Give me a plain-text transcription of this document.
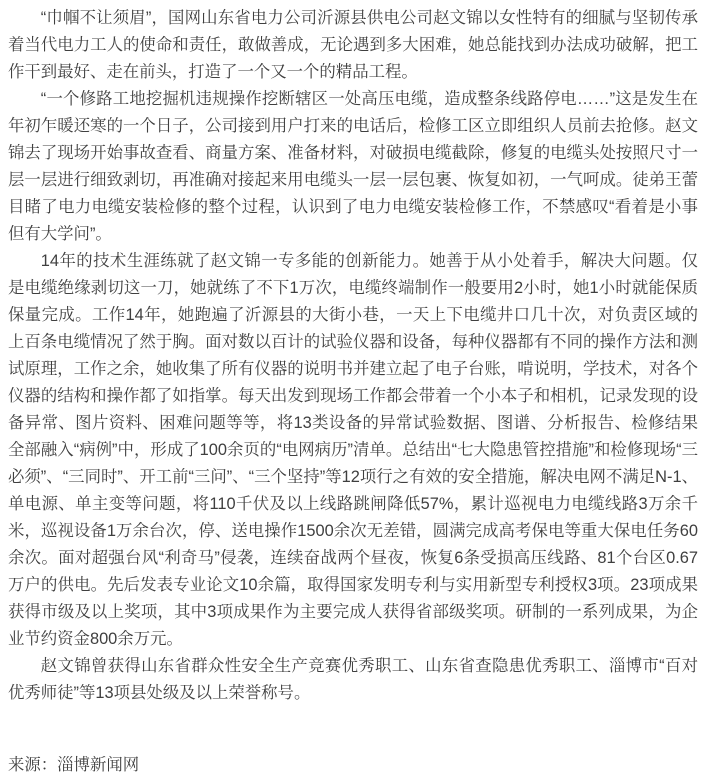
“巾帼不让须眉”，国网山东省电力公司沂源县供电公司赵文锦以女性特有的细腻与坚韧传承着当代电力工人的使命和责任，敢做善成，无论遇到多大困难，她总能找到办法成功破解，把工作干到最好、走在前头，打造了一个又一个的精品工程。

“一个修路工地挖掘机违规操作挖断辖区一处高压电缆，造成整条线路停电……”这是发生在年初乍暖还寒的一个日子，公司接到用户打来的电话后，检修工区立即组织人员前去抢修。赵文锦去了现场开始事故查看、商量方案、准备材料，对破损电缆截除，修复的电缆头处按照尺寸一层一层进行细致剥切，再准确对接起来用电缆头一层一层包裹、恢复如初，一气呵成。徒弟王蕾目睹了电力电缆安装检修的整个过程，认识到了电力电缆安装检修工作，不禁感叹“看着是小事但有大学问”。

14年的技术生涯练就了赵文锦一专多能的创新能力。她善于从小处着手，解决大问题。仅是电缆绝缘剥切这一刀，她就练了不下1万次，电缆终端制作一般要用2小时，她1小时就能保质保量完成。工作14年，她跑遍了沂源县的大街小巷，一天上下电缆井口几十次，对负责区域的上百条电缆情况了然于胸。面对数以百计的试验仪器和设备，每种仪器都有不同的操作方法和测试原理，工作之余，她收集了所有仪器的说明书并建立起了电子台账，啃说明，学技术，对各个仪器的结构和操作都了如指掌。每天出发到现场工作都会带着一个小本子和相机，记录发现的设备异常、图片资料、困难问题等等，将13类设备的异常试验数据、图谱、分析报告、检修结果全部融入“病例”中，形成了100余页的“电网病历”清单。总结出“七大隐患管控措施”和检修现场“三必须”、“三同时”、开工前“三问”、“三个坚持”等12项行之有效的安全措施，解决电网不满足N-1、单电源、单主变等问题，将110千伏及以上线路跳闸降低57%，累计巡视电力电缆线路3万余千米，巡视设备1万余台次，停、送电操作1500余次无差错，圆满完成高考保电等重大保电任务60余次。面对超强台风“利奇马”侵袭，连续奋战两个昼夜，恢复6条受损高压线路、81个台区0.67万户的供电。先后发表专业论文10余篇，取得国家发明专利与实用新型专利授权3项。23项成果获得市级及以上奖项，其中3项成果作为主要完成人获得省部级奖项。研制的一系列成果，为企业节约资金800余万元。

赵文锦曾获得山东省群众性安全生产竞赛优秀职工、山东省查隐患优秀职工、淄博市“百对优秀师徒”等13项县处级及以上荣誉称号。

来源：淄博新闻网
